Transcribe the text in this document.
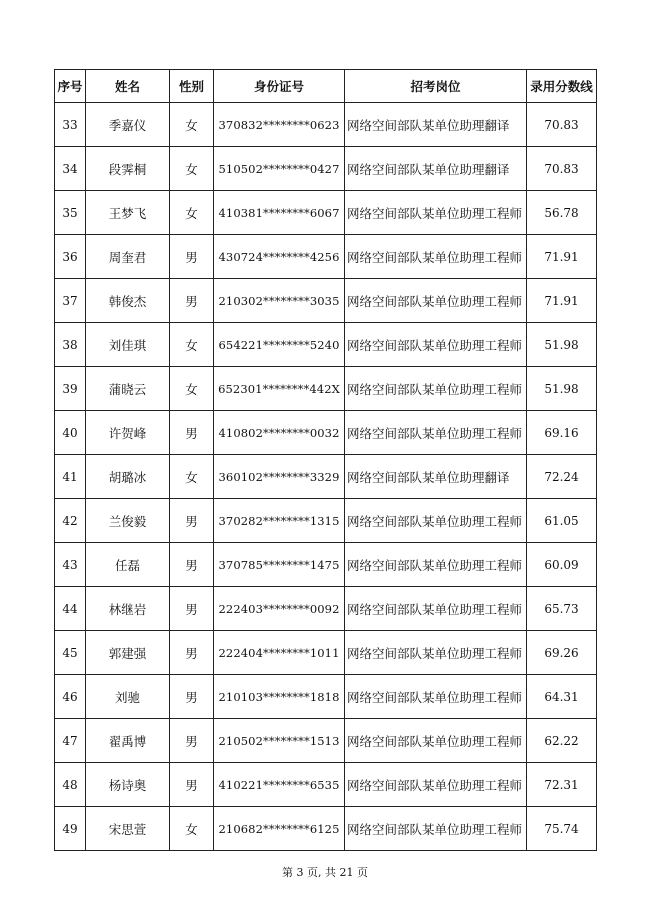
序号	姓名	性别	身份证号	招考岗位	录用分数线
33	季嘉仪	女	370832********0623	网络空间部队某单位助理翻译	70.83
34	段霁桐	女	510502********0427	网络空间部队某单位助理翻译	70.83
35	王梦飞	女	410381********6067	网络空间部队某单位助理工程师	56.78
36	周奎君	男	430724********4256	网络空间部队某单位助理工程师	71.91
37	韩俊杰	男	210302********3035	网络空间部队某单位助理工程师	71.91
38	刘佳琪	女	654221********5240	网络空间部队某单位助理工程师	51.98
39	蒲晓云	女	652301********442X	网络空间部队某单位助理工程师	51.98
40	许贺峰	男	410802********0032	网络空间部队某单位助理工程师	69.16
41	胡璐冰	女	360102********3329	网络空间部队某单位助理翻译	72.24
42	兰俊毅	男	370282********1315	网络空间部队某单位助理工程师	61.05
43	任磊	男	370785********1475	网络空间部队某单位助理工程师	60.09
44	林继岩	男	222403********0092	网络空间部队某单位助理工程师	65.73
45	郭建强	男	222404********1011	网络空间部队某单位助理工程师	69.26
46	刘驰	男	210103********1818	网络空间部队某单位助理工程师	64.31
47	翟禹博	男	210502********1513	网络空间部队某单位助理工程师	62.22
48	杨诗奥	男	410221********6535	网络空间部队某单位助理工程师	72.31
49	宋思萱	女	210682********6125	网络空间部队某单位助理工程师	75.74
第 3 页, 共 21 页
